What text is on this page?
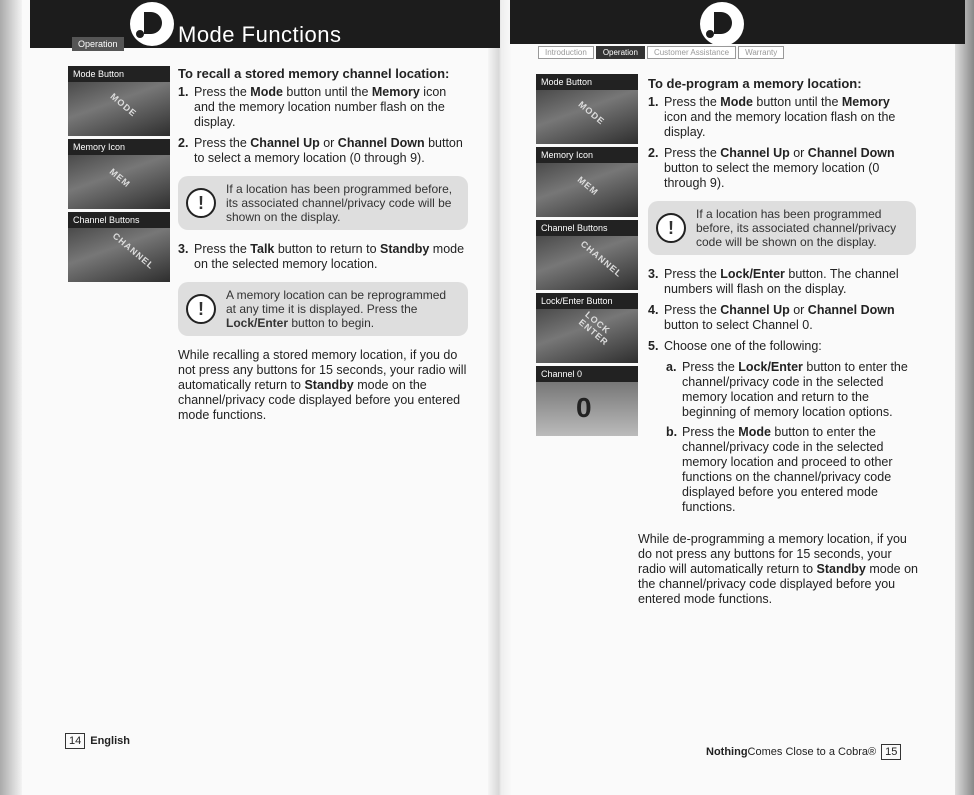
Operation	Mode Functions
Introduction	Operation	Customer Assistance	Warranty
Mode Button
MODE
Memory Icon
MEM
Channel Buttons
CHANNEL
To recall a stored memory channel location:
1. Press the Mode button until the Memory icon and the memory location number flash on the display.
2. Press the Channel Up or Channel Down button to select a memory location (0 through 9).
!
If a location has been programmed before, its associated channel/privacy code will be shown on the display.
3. Press the Talk button to return to Standby mode on the selected memory location.
!
A memory location can be reprogrammed at any time it is displayed. Press the Lock/Enter button to begin.
While recalling a stored memory location, if you do not press any buttons for 15 seconds, your radio will automatically return to Standby mode on the channel/privacy code displayed before you entered mode functions.
Mode Button
MODE
Memory Icon
MEM
Channel Buttons
CHANNEL
Lock/Enter Button
LOCK ENTER
Channel 0
0
To de-program a memory location:
1. Press the Mode button until the Memory icon and the memory location flash on the display.
2. Press the Channel Up or Channel Down button to select the memory location (0 through 9).
!
If a location has been programmed before, its associated channel/privacy code will be shown on the display.
3. Press the Lock/Enter button. The channel numbers will flash on the display.
4. Press the Channel Up or Channel Down button to select Channel 0.
5. Choose one of the following:
a. Press the Lock/Enter button to enter the channel/privacy code in the selected memory location and return to the beginning of memory location options.
b. Press the Mode button to enter the channel/privacy code in the selected memory location and proceed to other functions on the channel/privacy code displayed before you entered mode functions.
While de-programming a memory location, if you do not press any buttons for 15 seconds, your radio will automatically return to Standby mode on the channel/privacy code displayed before you entered mode functions.
14 English
Nothing Comes Close to a Cobra® 15
